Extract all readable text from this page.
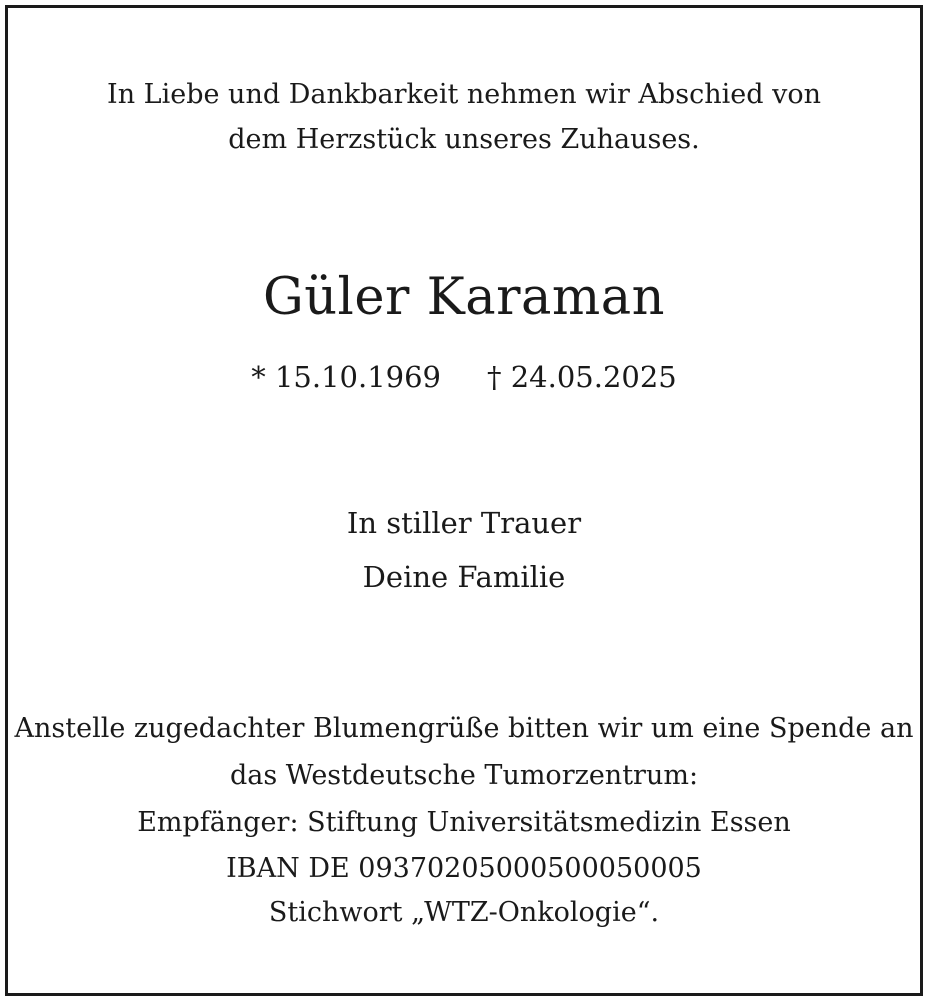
In Liebe und Dankbarkeit nehmen wir Abschied von
dem Herzstück unseres Zuhauses.
Güler Karaman
* 15.10.1969 † 24.05.2025
In stiller Trauer
Deine Familie
Anstelle zugedachter Blumengrüße bitten wir um eine Spende an
das Westdeutsche Tumorzentrum:
Empfänger: Stiftung Universitätsmedizin Essen
IBAN DE 09370205000500050005
Stichwort „WTZ-Onkologie“.
